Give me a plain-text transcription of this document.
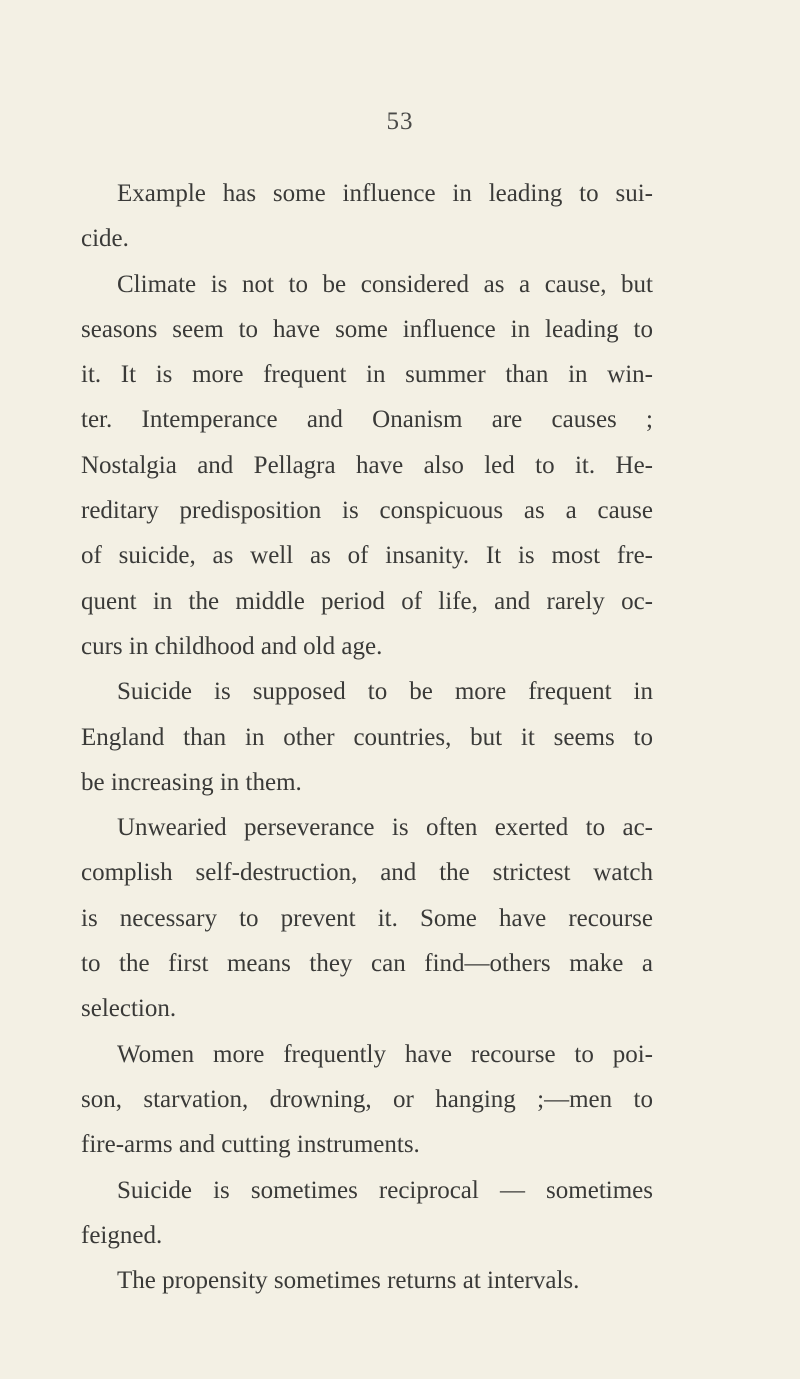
53
Example has some influence in leading to sui-
cide.
Climate is not to be considered as a cause, but
seasons seem to have some influence in leading to
it. It is more frequent in summer than in win-
ter. Intemperance and Onanism are causes ;
Nostalgia and Pellagra have also led to it. He-
reditary predisposition is conspicuous as a cause
of suicide, as well as of insanity. It is most fre-
quent in the middle period of life, and rarely oc-
curs in childhood and old age.
Suicide is supposed to be more frequent in
England than in other countries, but it seems to
be increasing in them.
Unwearied perseverance is often exerted to ac-
complish self-destruction, and the strictest watch
is necessary to prevent it. Some have recourse
to the first means they can find—others make a
selection.
Women more frequently have recourse to poi-
son, starvation, drowning, or hanging ;—men to
fire-arms and cutting instruments.
Suicide is sometimes reciprocal — sometimes
feigned.
The propensity sometimes returns at intervals.
